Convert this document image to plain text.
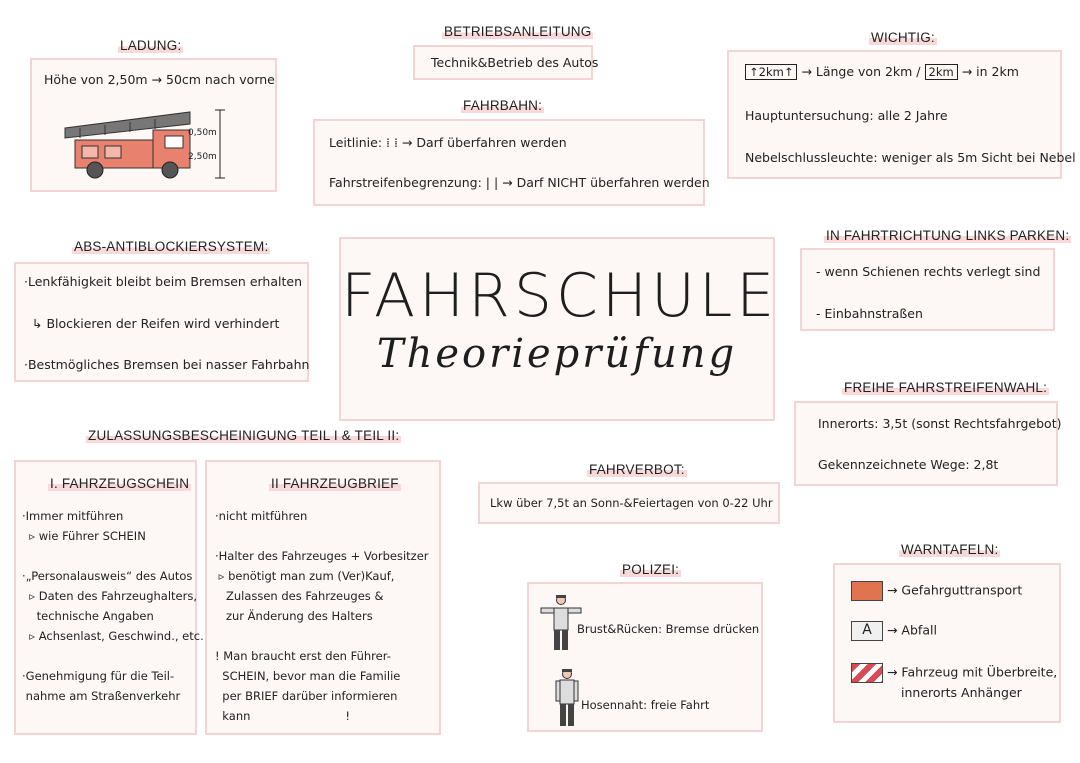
FAHRSCHULE
Theorieprüfung
LADUNG:
Höhe von 2,50m → 50cm nach vorne
0,50m
2,50m
BETRIEBSANLEITUNG
Technik&Betrieb des Autos
FAHRBAHN:
Leitlinie: ⁞ ⁞ → Darf überfahren werden
Fahrstreifenbegrenzung: | | → Darf NICHT überfahren werden
WICHTIG:
↑2km↑ → Länge von 2km / 2km → in 2km
Hauptuntersuchung: alle 2 Jahre
Nebelschlussleuchte: weniger als 5m Sicht bei Nebel
ABS-ANTIBLOCKIERSYSTEM:
·Lenkfähigkeit bleibt beim Bremsen erhalten
↳ Blockieren der Reifen wird verhindert
·Bestmögliches Bremsen bei nasser Fahrbahn
IN FAHRTRICHTUNG LINKS PARKEN:
- wenn Schienen rechts verlegt sind
- Einbahnstraßen
FREIHE FAHRSTREIFENWAHL:
Innerorts: 3,5t (sonst Rechtsfahrgebot)
Gekennzeichnete Wege: 2,8t
ZULASSUNGSBESCHEINIGUNG TEIL I & TEIL II:
I. FAHRZEUGSCHEIN
·Immer mitführen
▹ wie Führer SCHEIN
·„Personalausweis“ des Autos
▹ Daten des Fahrzeughalters,
technische Angaben
▹ Achsenlast, Geschwind., etc.
·Genehmigung für die Teil-
nahme am Straßenverkehr
II FAHRZEUGBRIEF
·nicht mitführen
·Halter des Fahrzeuges + Vorbesitzer
▹ benötigt man zum (Ver)Kauf,
Zulassen des Fahrzeuges &
zur Änderung des Halters
! Man braucht erst den Führer-
SCHEIN, bevor man die Familie
per BRIEF darüber informieren
kann                          !
FAHRVERBOT:
Lkw über 7,5t an Sonn-&Feiertagen von 0-22 Uhr
POLIZEI:
Brust&Rücken: Bremse drücken
Hosennaht: freie Fahrt
WARNTAFELN:
→ Gefahrguttransport
A → Abfall
→ Fahrzeug mit Überbreite,
innerorts Anhänger
